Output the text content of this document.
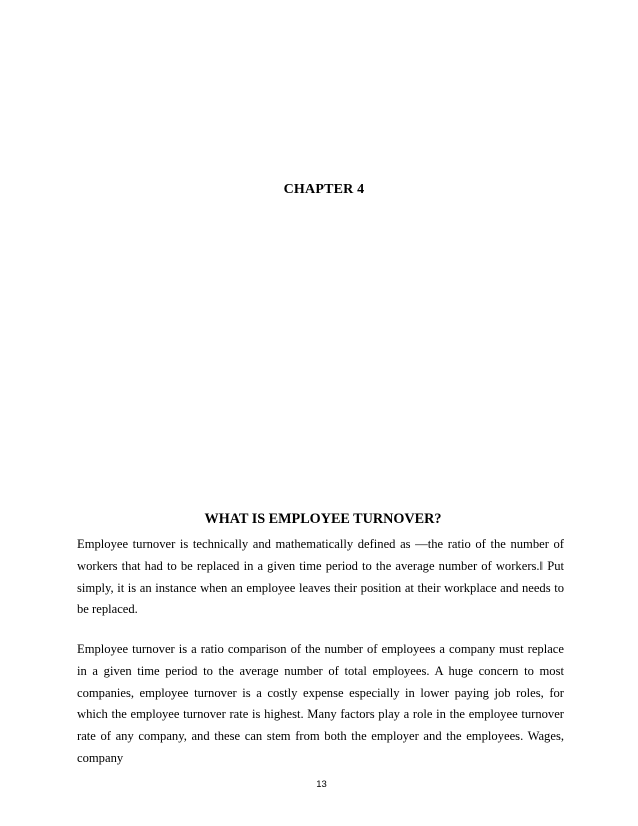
CHAPTER 4
WHAT IS EMPLOYEE TURNOVER?

Employee turnover is technically and mathematically defined as ―the ratio of the number of workers that had to be replaced in a given time period to the average number of workers.‖ Put simply, it is an instance when an employee leaves their position at their workplace and needs to be replaced.

Employee turnover is a ratio comparison of the number of employees a company must replace in a given time period to the average number of total employees. A huge concern to most companies, employee turnover is a costly expense especially in lower paying job roles, for which the employee turnover rate is highest. Many factors play a role in the employee turnover rate of any company, and these can stem from both the employer and the employees. Wages, company

13
